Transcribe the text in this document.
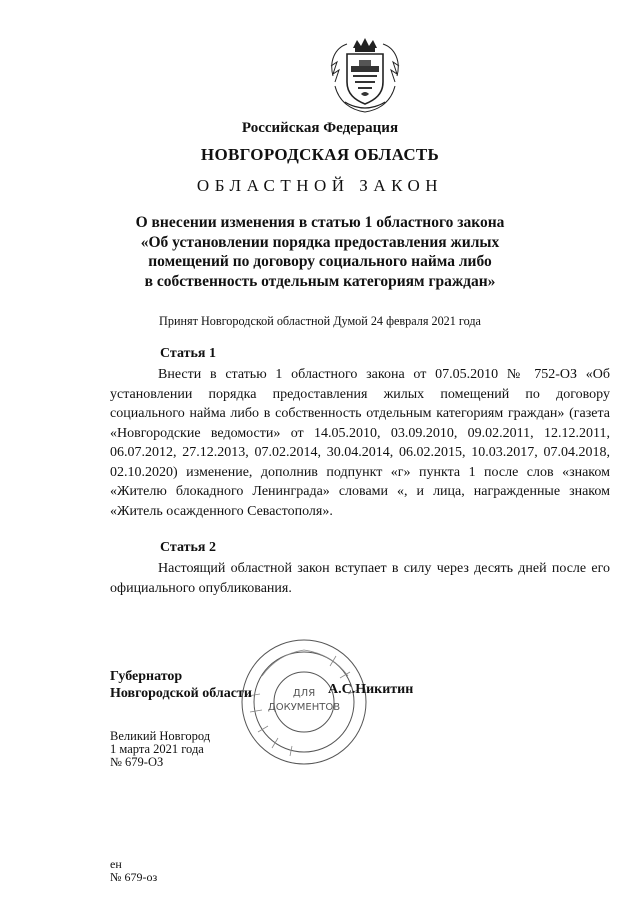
Российская Федерация
НОВГОРОДСКАЯ ОБЛАСТЬ
ОБЛАСТНОЙ ЗАКОН
О внесении изменения в статью 1 областного закона
«Об установлении порядка предоставления жилых
помещений по договору социального найма либо
в собственность отдельным категориям граждан»
Принят Новгородской областной Думой 24 февраля 2021 года
Статья 1
Внести в статью 1 областного закона от 07.05.2010 № 752-ОЗ «Об установлении порядка предоставления жилых помещений по договору социального найма либо в собственность отдельным категориям граждан» (газета «Новгородские ведомости» от 14.05.2010, 03.09.2010, 09.02.2011, 12.12.2011, 06.07.2012, 27.12.2013, 07.02.2014, 30.04.2014, 06.02.2015, 10.03.2017, 07.04.2018, 02.10.2020) изменение, дополнив подпункт «г» пункта 1 после слов «знаком «Жителю блокадного Ленинграда» словами «, и лица, награжденные знаком «Житель осажденного Севастополя».
Статья 2
Настоящий областной закон вступает в силу через десять дней после его официального опубликования.
ДЛЯ
ДОКУМЕНТОВ
Губернатор
Новгородской области	А.С.Никитин
Великий Новгород
1 марта 2021 года
№ 679-ОЗ
ен
№ 679-оз
